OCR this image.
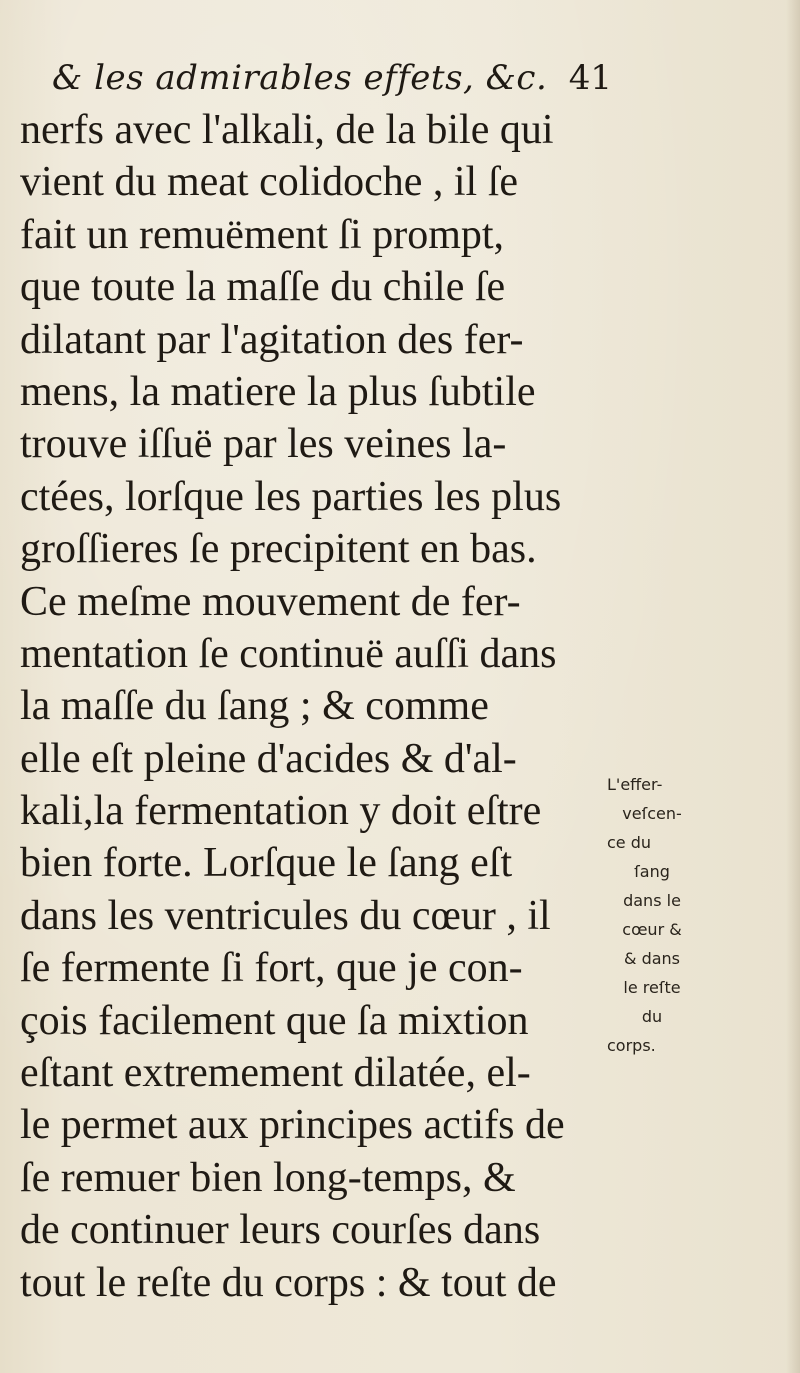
& les admirables effets, &c. 41
nerfs avec l'alkali, de la bile qui
vient du meat colidoche , il ſe
fait un remuëment ſi prompt,
que toute la maſſe du chile ſe
dilatant par l'agitation des fer-
mens, la matiere la plus ſubtile
trouve iſſuë par les veines la-
ctées, lorſque les parties les plus
groſſieres ſe precipitent en bas.
Ce meſme mouvement de fer-
mentation ſe continuë auſſi dans
la maſſe du ſang ; & comme
elle eſt pleine d'acides & d'al-
kali,la fermentation y doit eſtre
bien forte. Lorſque le ſang eſt
dans les ventricules du cœur , il
ſe fermente ſi fort, que je con-
çois facilement que ſa mixtion
eſtant extremement dilatée, el-
le permet aux principes actifs de
ſe remuer bien long-temps, &
de continuer leurs courſes dans
tout le reſte du corps : & tout de
L'effer-
veſcen-
ce du
ſang
dans le
cœur &
& dans
le reſte
du
corps.
